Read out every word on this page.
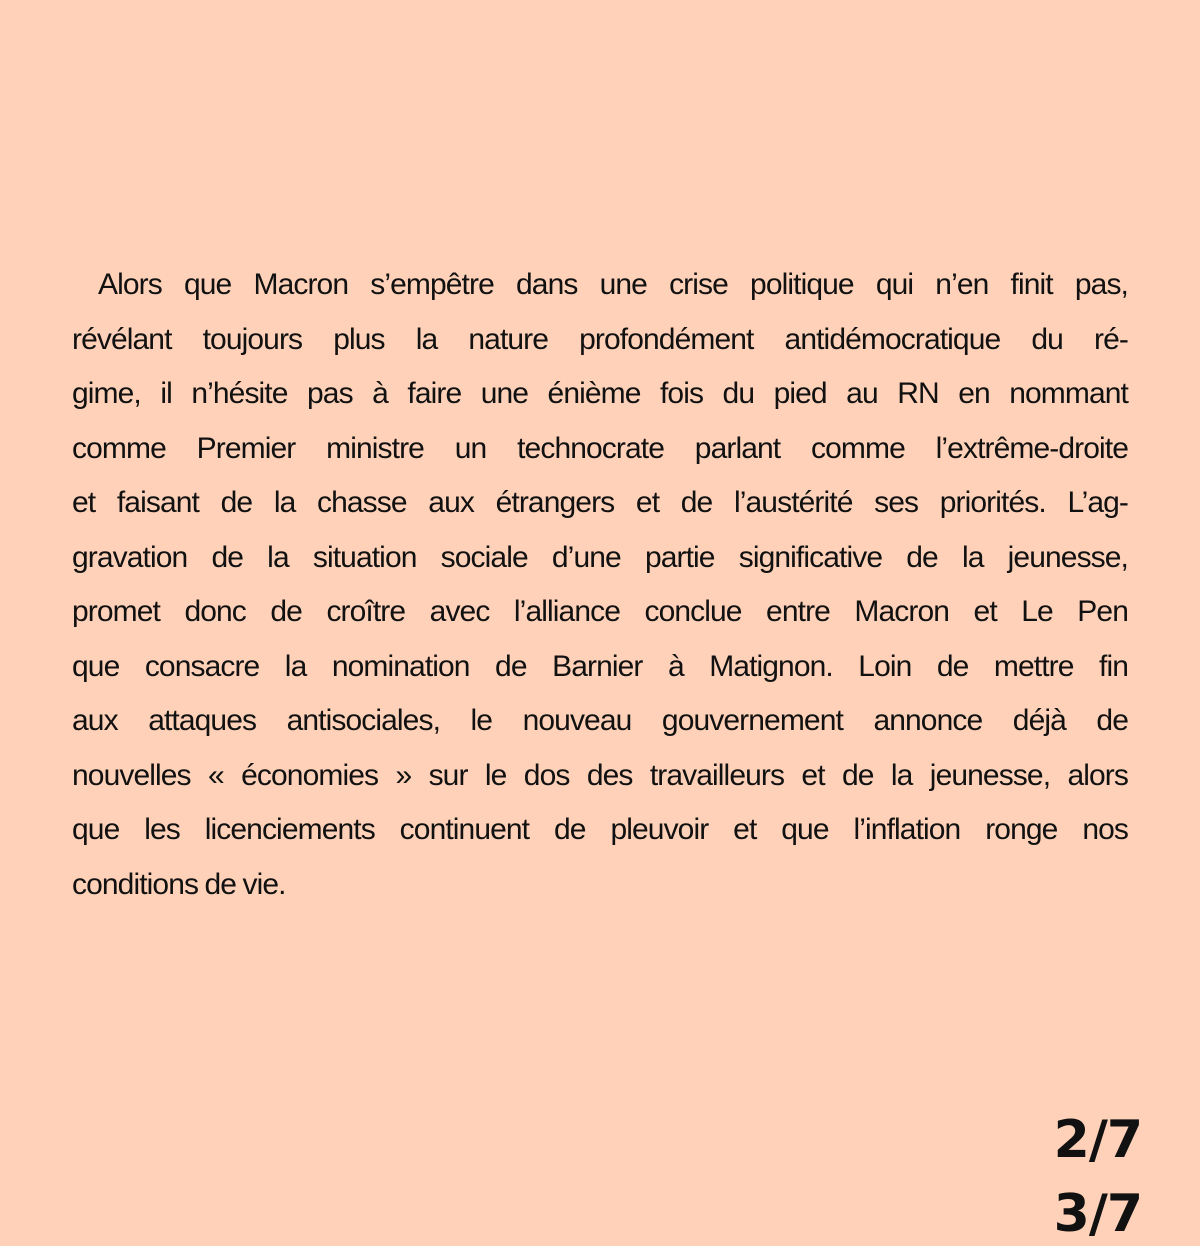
Alors que Macron s’empêtre dans une crise politique qui n’en finit pas,
révélant toujours plus la nature profondément antidémocratique du ré-
gime, il n’hésite pas à faire une énième fois du pied au RN en nommant
comme Premier ministre un technocrate parlant comme l’extrême-droite
et faisant de la chasse aux étrangers et de l’austérité ses priorités. L’ag-
gravation de la situation sociale d’une partie significative de la jeunesse,
promet donc de croître avec l’alliance conclue entre Macron et Le Pen
que consacre la nomination de Barnier à Matignon. Loin de mettre fin
aux attaques antisociales, le nouveau gouvernement annonce déjà de
nouvelles « économies » sur le dos des travailleurs et de la jeunesse, alors
que les licenciements continuent de pleuvoir et que l’inflation ronge nos
conditions de vie.
2/7
3/7
